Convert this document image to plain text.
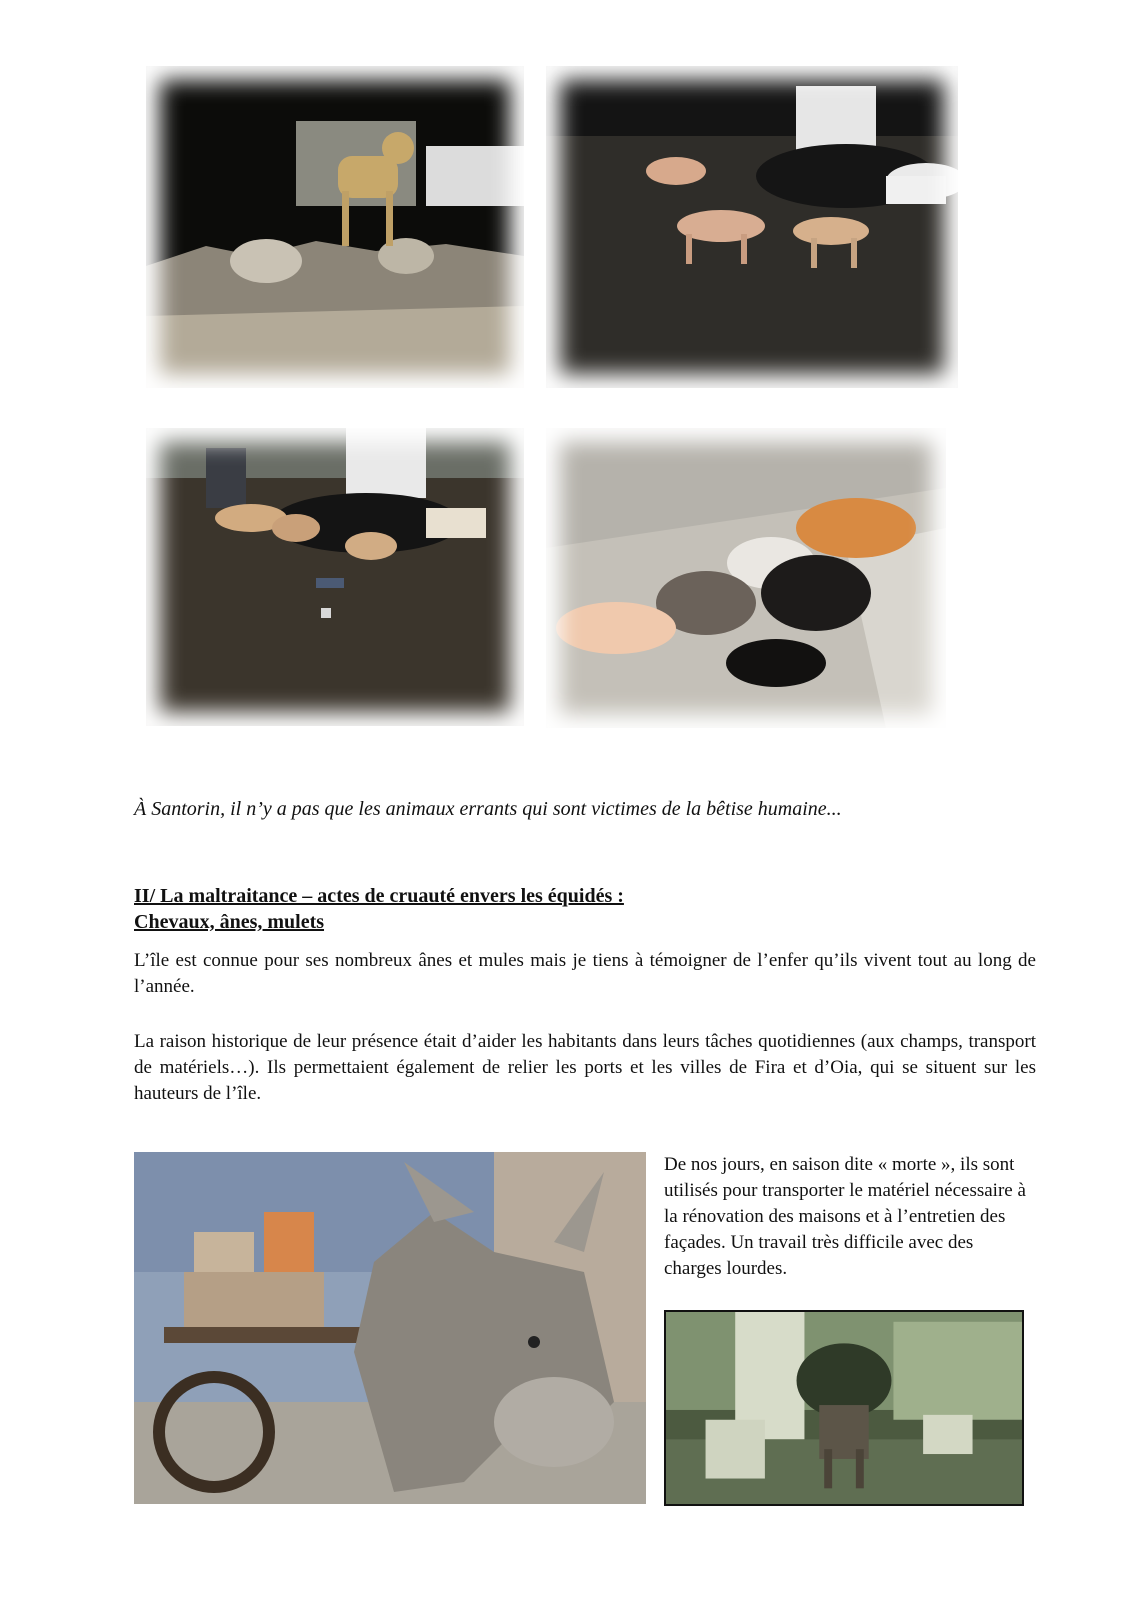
À Santorin, il n’y a pas que les animaux errants qui sont victimes de la bêtise humaine...
II/ La maltraitance – actes de cruauté envers les équidés :
Chevaux, ânes, mulets

L’île est connue pour ses nombreux ânes et mules mais je tiens à témoigner de l’enfer qu’ils vivent tout au long de l’année.

La raison historique de leur présence était d’aider les habitants dans leurs tâches quotidiennes (aux champs, transport de matériels…). Ils permettaient également de relier les ports et les villes de Fira et d’Oia, qui se situent sur les hauteurs de l’île.

De nos jours, en saison dite « morte », ils sont utilisés pour transporter le matériel nécessaire à la rénovation des maisons et à l’entretien des façades. Un travail très difficile avec des charges lourdes.
